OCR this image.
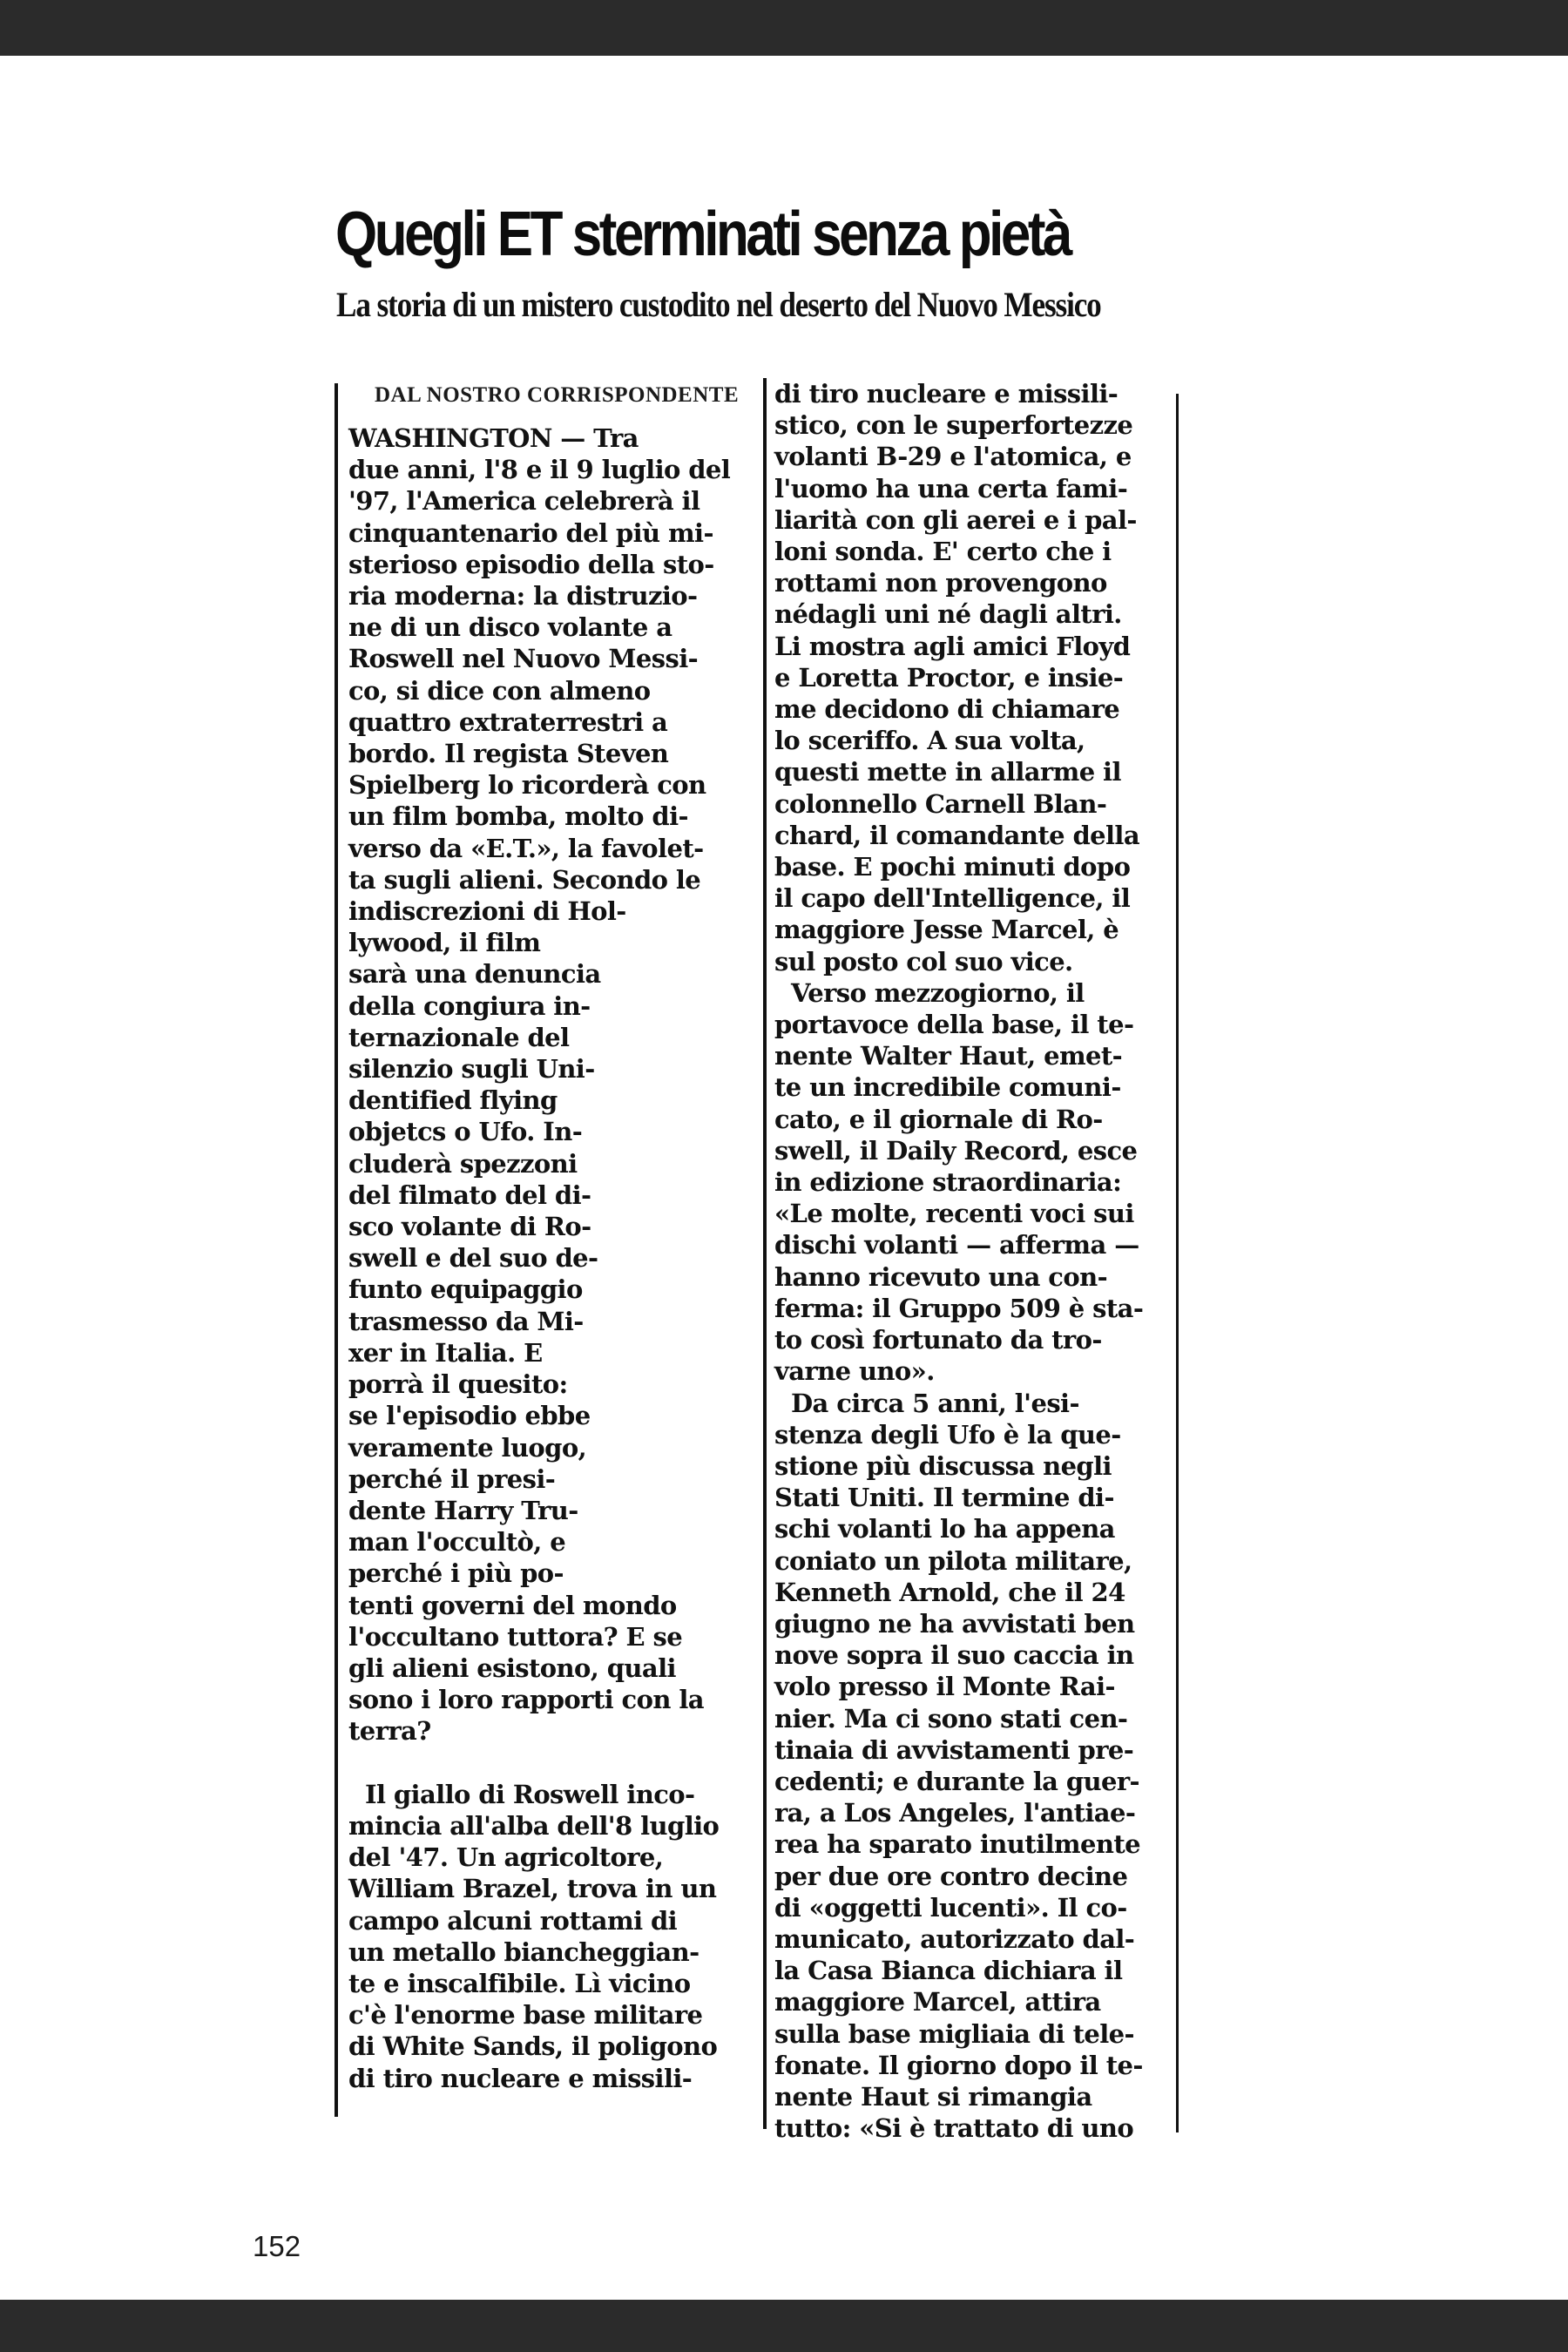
Quegli ET sterminati senza pietà
La storia di un mistero custodito nel deserto del Nuovo Messico

DAL NOSTRO CORRISPONDENTE

WASHINGTON — Tra
due anni, l'8 e il 9 luglio del
'97, l'America celebrerà il
cinquantenario del più mi-
sterioso episodio della sto-
ria moderna: la distruzio-
ne di un disco volante a
Roswell nel Nuovo Messi-
co, si dice con almeno
quattro extraterrestri a
bordo. Il regista Steven
Spielberg lo ricorderà con
un film bomba, molto di-
verso da «E.T.», la favolet-
ta sugli alieni. Secondo le
indiscrezioni di Hol-
lywood, il film
sarà una denuncia
della congiura in-
ternazionale del
silenzio sugli Uni-
dentified flying
objetcs o Ufo. In-
cluderà spezzoni
del filmato del di-
sco volante di Ro-
swell e del suo de-
funto equipaggio
trasmesso da Mi-
xer in Italia. E
porrà il quesito:
se l'episodio ebbe
veramente luogo,
perché il presi-
dente Harry Tru-
man l'occultò, e
perché i più po-
tenti governi del mondo
l'occultano tuttora? E se
gli alieni esistono, quali
sono i loro rapporti con la
terra?

Il giallo di Roswell inco-
mincia all'alba dell'8 luglio
del '47. Un agricoltore,
William Brazel, trova in un
campo alcuni rottami di
un metallo biancheggian-
te e inscalfibile. Lì vicino
c'è l'enorme base militare
di White Sands, il poligono
di tiro nucleare e missili-

di tiro nucleare e missili-
stico, con le superfortezze
volanti B-29 e l'atomica, e
l'uomo ha una certa fami-
liarità con gli aerei e i pal-
loni sonda. E' certo che i
rottami non provengono
nédagli uni né dagli altri.
Li mostra agli amici Floyd
e Loretta Proctor, e insie-
me decidono di chiamare
lo sceriffo. A sua volta,
questi mette in allarme il
colonnello Carnell Blan-
chard, il comandante della
base. E pochi minuti dopo
il capo dell'Intelligence, il
maggiore Jesse Marcel, è
sul posto col suo vice.
Verso mezzogiorno, il
portavoce della base, il te-
nente Walter Haut, emet-
te un incredibile comuni-
cato, e il giornale di Ro-
swell, il Daily Record, esce
in edizione straordinaria:
«Le molte, recenti voci sui
dischi volanti — afferma —
hanno ricevuto una con-
ferma: il Gruppo 509 è sta-
to così fortunato da tro-
varne uno».
Da circa 5 anni, l'esi-
stenza degli Ufo è la que-
stione più discussa negli
Stati Uniti. Il termine di-
schi volanti lo ha appena
coniato un pilota militare,
Kenneth Arnold, che il 24
giugno ne ha avvistati ben
nove sopra il suo caccia in
volo presso il Monte Rai-
nier. Ma ci sono stati cen-
tinaia di avvistamenti pre-
cedenti; e durante la guer-
ra, a Los Angeles, l'antiae-
rea ha sparato inutilmente
per due ore contro decine
di «oggetti lucenti». Il co-
municato, autorizzato dal-
la Casa Bianca dichiara il
maggiore Marcel, attira
sulla base migliaia di tele-
fonate. Il giorno dopo il te-
nente Haut si rimangia
tutto: «Si è trattato di uno

152
